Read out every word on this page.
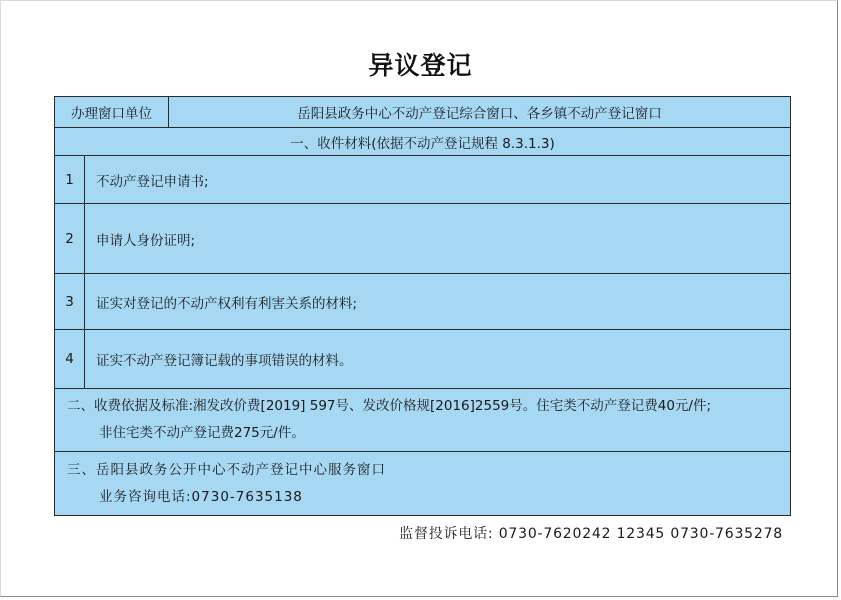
异议登记
办理窗口单位		岳阳县政务中心不动产登记综合窗口、各乡镇不动产登记窗口
一、收件材料(依据不动产登记规程 8.3.1.3)		
1	不动产登记申请书;	
2	申请人身份证明;	
3	证实对登记的不动产权利有利害关系的材料;	
4	证实不动产登记簿记载的事项错误的材料。	
二、收费依据及标准:湘发改价费[2019] 597号、发改价格规[2016]2559号。住宅类不动产登记费40元/件;
非住宅类不动产登记费275元/件。		

三、岳阳县政务公开中心不动产登记中心服务窗口
业务咨询电话:0730-7635138		
监督投诉电话: 0730-7620242 12345 0730-7635278
